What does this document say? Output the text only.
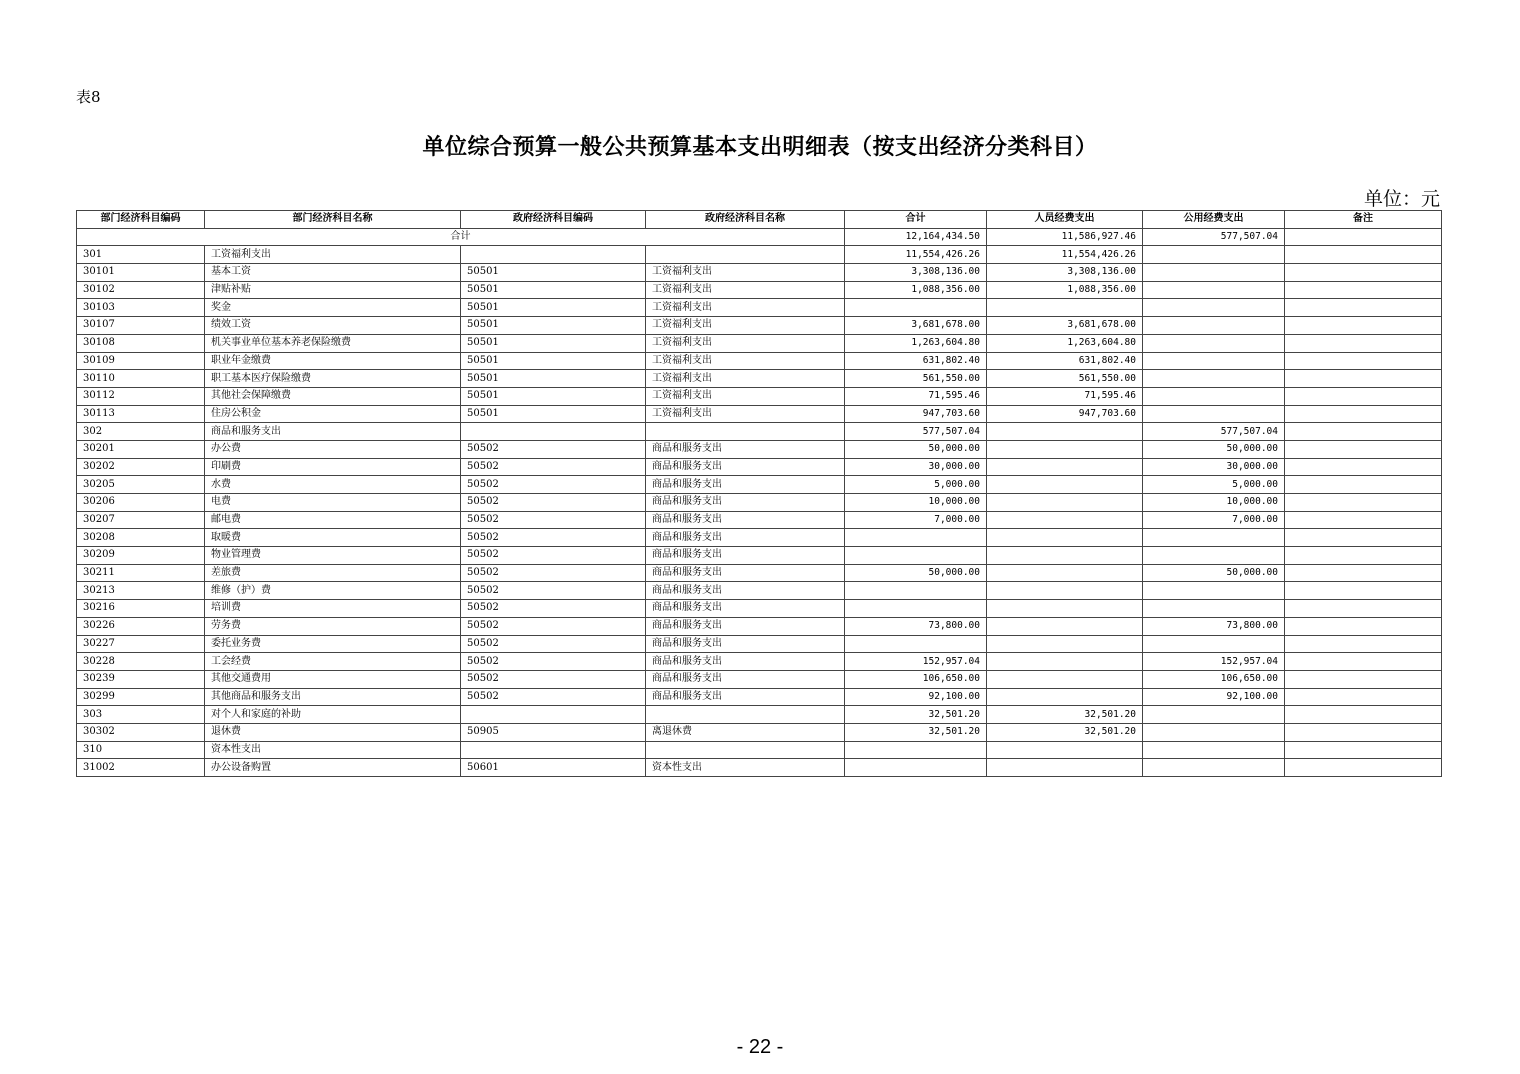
表8
单位综合预算一般公共预算基本支出明细表（按支出经济分类科目）
单位：元
部门经济科目编码	部门经济科目名称	政府经济科目编码	政府经济科目名称	合计	人员经费支出	公用经费支出	备注
合计				12,164,434.50	11,586,927.46	577,507.04	
301	工资福利支出			11,554,426.26	11,554,426.26		
30101	基本工资	50501	工资福利支出	3,308,136.00	3,308,136.00		
30102	津贴补贴	50501	工资福利支出	1,088,356.00	1,088,356.00		
30103	奖金	50501	工资福利支出				
30107	绩效工资	50501	工资福利支出	3,681,678.00	3,681,678.00		
30108	机关事业单位基本养老保险缴费	50501	工资福利支出	1,263,604.80	1,263,604.80		
30109	职业年金缴费	50501	工资福利支出	631,802.40	631,802.40		
30110	职工基本医疗保险缴费	50501	工资福利支出	561,550.00	561,550.00		
30112	其他社会保障缴费	50501	工资福利支出	71,595.46	71,595.46		
30113	住房公积金	50501	工资福利支出	947,703.60	947,703.60		
302	商品和服务支出			577,507.04		577,507.04	
30201	办公费	50502	商品和服务支出	50,000.00		50,000.00	
30202	印刷费	50502	商品和服务支出	30,000.00		30,000.00	
30205	水费	50502	商品和服务支出	5,000.00		5,000.00	
30206	电费	50502	商品和服务支出	10,000.00		10,000.00	
30207	邮电费	50502	商品和服务支出	7,000.00		7,000.00	
30208	取暖费	50502	商品和服务支出				
30209	物业管理费	50502	商品和服务支出				
30211	差旅费	50502	商品和服务支出	50,000.00		50,000.00	
30213	维修（护）费	50502	商品和服务支出				
30216	培训费	50502	商品和服务支出				
30226	劳务费	50502	商品和服务支出	73,800.00		73,800.00	
30227	委托业务费	50502	商品和服务支出				
30228	工会经费	50502	商品和服务支出	152,957.04		152,957.04	
30239	其他交通费用	50502	商品和服务支出	106,650.00		106,650.00	
30299	其他商品和服务支出	50502	商品和服务支出	92,100.00		92,100.00	
303	对个人和家庭的补助			32,501.20	32,501.20		
30302	退休费	50905	离退休费	32,501.20	32,501.20		
310	资本性支出						
31002	办公设备购置	50601	资本性支出				
- 22 -
